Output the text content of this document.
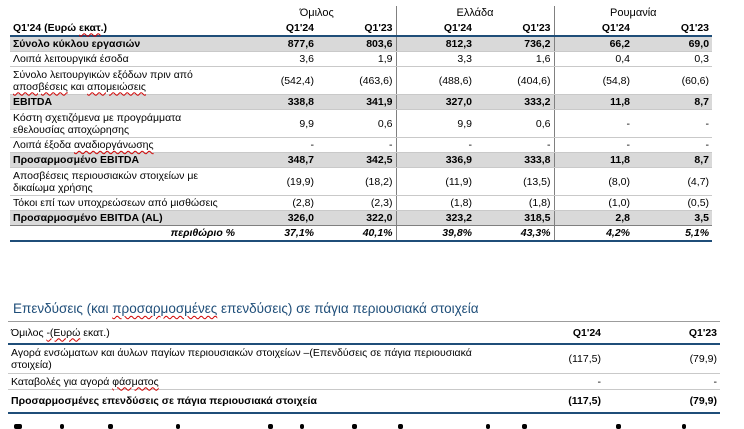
	Όμιλος		Ελλάδα		Ρουμανία	
Q1'24 (Ευρώ εκατ.)	Q1'24	Q1'23	Q1'24	Q1'23	Q1'24	Q1'23
Σύνολο κύκλου εργασιών	877,6	803,6	812,3	736,2	66,2	69,0
Λοιπά λειτουργικά έσοδα	3,6	1,9	3,3	1,6	0,4	0,3
Σύνολο λειτουργικών εξόδων πριν από αποσβέσεις και απομειώσεις	(542,4)	(463,6)	(488,6)	(404,6)	(54,8)	(60,6)
EBITDA	338,8	341,9	327,0	333,2	11,8	8,7
Κόστη σχετιζόμενα με προγράμματα εθελουσίας αποχώρησης	9,9	0,6	9,9	0,6	-	-
Λοιπά έξοδα αναδιοργάνωσης	-	-	-	-	-	-
Προσαρμοσμένο EBITDA	348,7	342,5	336,9	333,8	11,8	8,7
Αποσβέσεις περιουσιακών στοιχείων με δικαίωμα χρήσης	(19,9)	(18,2)	(11,9)	(13,5)	(8,0)	(4,7)
Τόκοι επί των υποχρεώσεων από μισθώσεις	(2,8)	(2,3)	(1,8)	(1,8)	(1,0)	(0,5)
Προσαρμοσμένο EBITDA (AL)	326,0	322,0	323,2	318,5	2,8	3,5
περιθώριο %	37,1%	40,1%	39,8%	43,3%	4,2%	5,1%
Επενδύσεις (και προσαρμοσμένες επενδύσεις) σε πάγια περιουσιακά στοιχεία
Όμιλος -(Ευρώ εκατ.)	Q1'24	Q1'23
Αγορά ενσώματων και άυλων παγίων περιουσιακών στοιχείων –(Επενδύσεις σε πάγια περιουσιακά στοιχεία)	(117,5)	(79,9)
Καταβολές για αγορά φάσματος	-	-
Προσαρμοσμένες επενδύσεις σε πάγια περιουσιακά στοιχεία	(117,5)	(79,9)
